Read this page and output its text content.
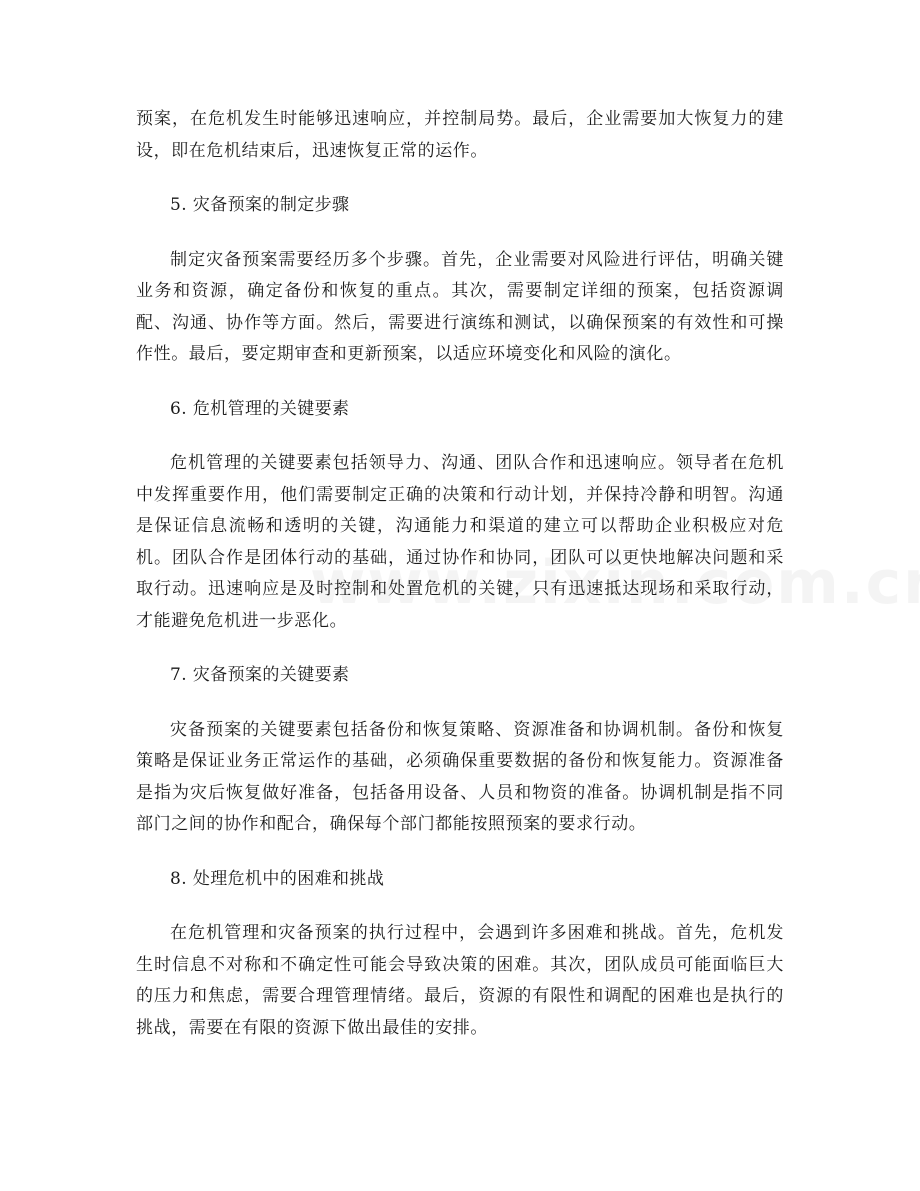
预案，在危机发生时能够迅速响应，并控制局势。最后，企业需要加大恢复力的建设，即在危机结束后，迅速恢复正常的运作。

5. 灾备预案的制定步骤

制定灾备预案需要经历多个步骤。首先，企业需要对风险进行评估，明确关键业务和资源，确定备份和恢复的重点。其次，需要制定详细的预案，包括资源调配、沟通、协作等方面。然后，需要进行演练和测试，以确保预案的有效性和可操作性。最后，要定期审查和更新预案，以适应环境变化和风险的演化。

6. 危机管理的关键要素

危机管理的关键要素包括领导力、沟通、团队合作和迅速响应。领导者在危机中发挥重要作用，他们需要制定正确的决策和行动计划，并保持冷静和明智。沟通是保证信息流畅和透明的关键，沟通能力和渠道的建立可以帮助企业积极应对危机。团队合作是团体行动的基础，通过协作和协同，团队可以更快地解决问题和采取行动。迅速响应是及时控制和处置危机的关键，只有迅速抵达现场和采取行动，才能避免危机进一步恶化。

7. 灾备预案的关键要素

灾备预案的关键要素包括备份和恢复策略、资源准备和协调机制。备份和恢复策略是保证业务正常运作的基础，必须确保重要数据的备份和恢复能力。资源准备是指为灾后恢复做好准备，包括备用设备、人员和物资的准备。协调机制是指不同部门之间的协作和配合，确保每个部门都能按照预案的要求行动。

8. 处理危机中的困难和挑战

在危机管理和灾备预案的执行过程中，会遇到许多困难和挑战。首先，危机发生时信息不对称和不确定性可能会导致决策的困难。其次，团队成员可能面临巨大的压力和焦虑，需要合理管理情绪。最后，资源的有限性和调配的困难也是执行的挑战，需要在有限的资源下做出最佳的安排。
